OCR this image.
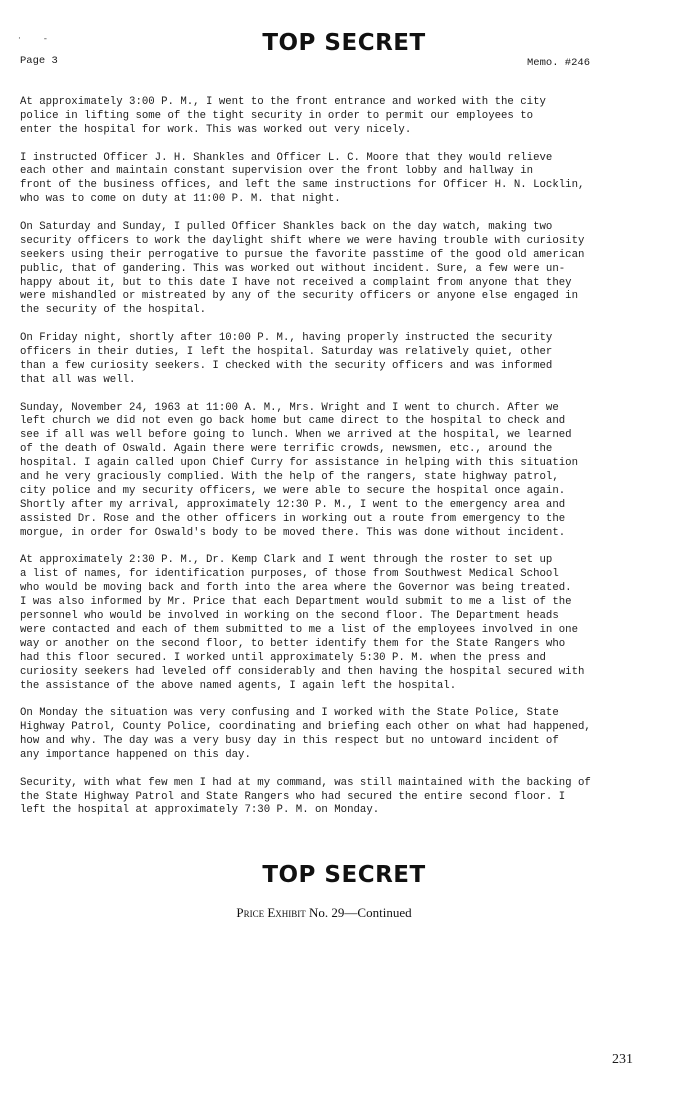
· -	TOP SECRET
Page 3	Memo. #246

At approximately 3:00 P. M., I went to the front entrance and worked with the city
police in lifting some of the tight security in order to permit our employees to
enter the hospital for work. This was worked out very nicely.

I instructed Officer J. H. Shankles and Officer L. C. Moore that they would relieve
each other and maintain constant supervision over the front lobby and hallway in
front of the business offices, and left the same instructions for Officer H. N. Locklin,
who was to come on duty at 11:00 P. M. that night.

On Saturday and Sunday, I pulled Officer Shankles back on the day watch, making two
security officers to work the daylight shift where we were having trouble with curiosity
seekers using their perrogative to pursue the favorite passtime of the good old american
public, that of gandering. This was worked out without incident. Sure, a few were un-
happy about it, but to this date I have not received a complaint from anyone that they
were mishandled or mistreated by any of the security officers or anyone else engaged in
the security of the hospital.

On Friday night, shortly after 10:00 P. M., having properly instructed the security
officers in their duties, I left the hospital. Saturday was relatively quiet, other
than a few curiosity seekers. I checked with the security officers and was informed
that all was well.

Sunday, November 24, 1963 at 11:00 A. M., Mrs. Wright and I went to church. After we
left church we did not even go back home but came direct to the hospital to check and
see if all was well before going to lunch. When we arrived at the hospital, we learned
of the death of Oswald. Again there were terrific crowds, newsmen, etc., around the
hospital. I again called upon Chief Curry for assistance in helping with this situation
and he very graciously complied. With the help of the rangers, state highway patrol,
city police and my security officers, we were able to secure the hospital once again.
Shortly after my arrival, approximately 12:30 P. M., I went to the emergency area and
assisted Dr. Rose and the other officers in working out a route from emergency to the
morgue, in order for Oswald's body to be moved there. This was done without incident.

At approximately 2:30 P. M., Dr. Kemp Clark and I went through the roster to set up
a list of names, for identification purposes, of those from Southwest Medical School
who would be moving back and forth into the area where the Governor was being treated.
I was also informed by Mr. Price that each Department would submit to me a list of the
personnel who would be involved in working on the second floor. The Department heads
were contacted and each of them submitted to me a list of the employees involved in one
way or another on the second floor, to better identify them for the State Rangers who
had this floor secured. I worked until approximately 5:30 P. M. when the press and
curiosity seekers had leveled off considerably and then having the hospital secured with
the assistance of the above named agents, I again left the hospital.

On Monday the situation was very confusing and I worked with the State Police, State
Highway Patrol, County Police, coordinating and briefing each other on what had happened,
how and why. The day was a very busy day in this respect but no untoward incident of
any importance happened on this day.

Security, with what few men I had at my command, was still maintained with the backing of
the State Highway Patrol and State Rangers who had secured the entire second floor. I
left the hospital at approximately 7:30 P. M. on Monday.

TOP SECRET
Price Exhibit No. 29—Continued
231
